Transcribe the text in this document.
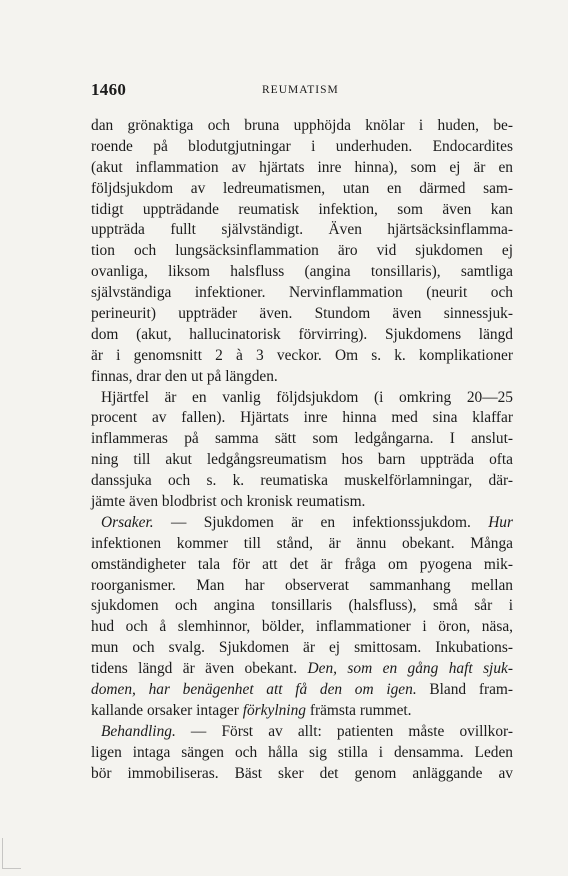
1460	REUMATISM
dan grönaktiga och bruna upphöjda knölar i huden, be-
roende på blodutgjutningar i underhuden. Endocardites
(akut inflammation av hjärtats inre hinna), som ej är en
följdsjukdom av ledreumatismen, utan en därmed sam-
tidigt uppträdande reumatisk infektion, som även kan
uppträda fullt självständigt. Även hjärtsäcksinflamma-
tion och lungsäcksinflammation äro vid sjukdomen ej
ovanliga, liksom halsfluss (angina tonsillaris), samtliga
självständiga infektioner. Nervinflammation (neurit och
perineurit) uppträder även. Stundom även sinnessjuk-
dom (akut, hallucinatorisk förvirring). Sjukdomens längd
är i genomsnitt 2 à 3 veckor. Om s. k. komplikationer
finnas, drar den ut på längden.
Hjärtfel är en vanlig följdsjukdom (i omkring 20—25
procent av fallen). Hjärtats inre hinna med sina klaffar
inflammeras på samma sätt som ledgångarna. I anslut-
ning till akut ledgångsreumatism hos barn uppträda ofta
danssjuka och s. k. reumatiska muskelförlamningar, där-
jämte även blodbrist och kronisk reumatism.
Orsaker. — Sjukdomen är en infektionssjukdom. Hur
infektionen kommer till stånd, är ännu obekant. Många
omständigheter tala för att det är fråga om pyogena mik-
roorganismer. Man har observerat sammanhang mellan
sjukdomen och angina tonsillaris (halsfluss), små sår i
hud och å slemhinnor, bölder, inflammationer i öron, näsa,
mun och svalg. Sjukdomen är ej smittosam. Inkubations-
tidens längd är även obekant. Den, som en gång haft sjuk-
domen, har benägenhet att få den om igen. Bland fram-
kallande orsaker intager förkylning främsta rummet.
Behandling. — Först av allt: patienten måste ovillkor-
ligen intaga sängen och hålla sig stilla i densamma. Leden
bör immobiliseras. Bäst sker det genom anläggande av
